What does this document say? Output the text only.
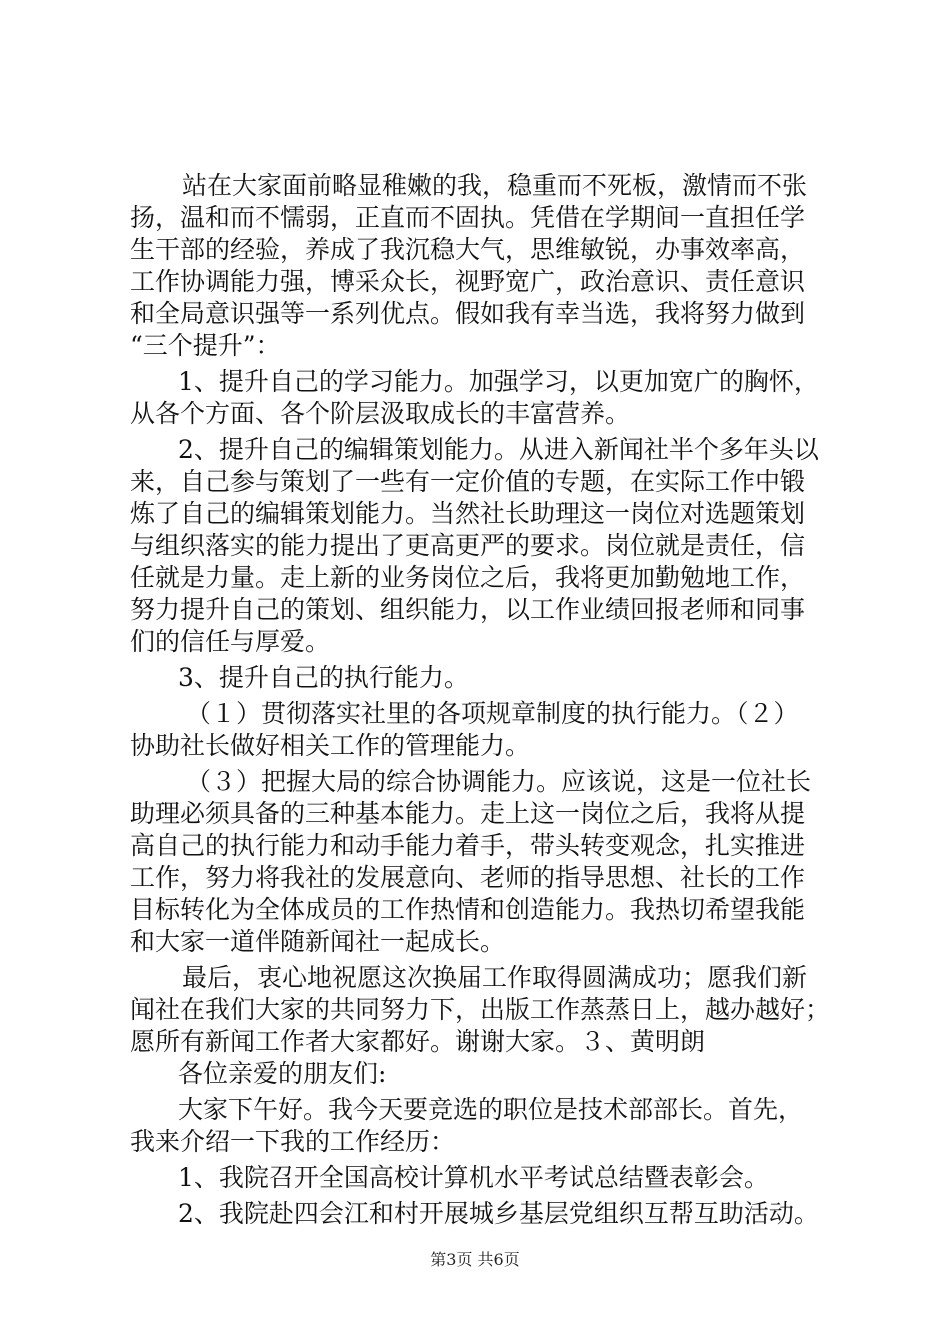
站在大家面前略显稚嫩的我，稳重而不死板，激情而不张
扬，温和而不懦弱，正直而不固执。凭借在学期间一直担任学
生干部的经验，养成了我沉稳大气，思维敏锐，办事效率高，
工作协调能力强，博采众长，视野宽广，政治意识、责任意识
和全局意识强等一系列优点。假如我有幸当选，我将努力做到
“三个提升”：
1、提升自己的学习能力。加强学习，以更加宽广的胸怀，
从各个方面、各个阶层汲取成长的丰富营养。
2、提升自己的编辑策划能力。从进入新闻社半个多年头以
来，自己参与策划了一些有一定价值的专题，在实际工作中锻
炼了自己的编辑策划能力。当然社长助理这一岗位对选题策划
与组织落实的能力提出了更高更严的要求。岗位就是责任，信
任就是力量。走上新的业务岗位之后，我将更加勤勉地工作，
努力提升自己的策划、组织能力，以工作业绩回报老师和同事
们的信任与厚爱。
3、提升自己的执行能力。
（１）贯彻落实社里的各项规章制度的执行能力。（２）
协助社长做好相关工作的管理能力。
（３）把握大局的综合协调能力。应该说，这是一位社长
助理必须具备的三种基本能力。走上这一岗位之后，我将从提
高自己的执行能力和动手能力着手，带头转变观念，扎实推进
工作，努力将我社的发展意向、老师的指导思想、社长的工作
目标转化为全体成员的工作热情和创造能力。我热切希望我能
和大家一道伴随新闻社一起成长。
最后，衷心地祝愿这次换届工作取得圆满成功；愿我们新
闻社在我们大家的共同努力下，出版工作蒸蒸日上，越办越好；
愿所有新闻工作者大家都好。谢谢大家。３、黄明朗
各位亲爱的朋友们:
大家下午好。我今天要竞选的职位是技术部部长。首先，
我来介绍一下我的工作经历：
1、我院召开全国高校计算机水平考试总结暨表彰会。
2、我院赴四会江和村开展城乡基层党组织互帮互助活动。
第3页 共6页
